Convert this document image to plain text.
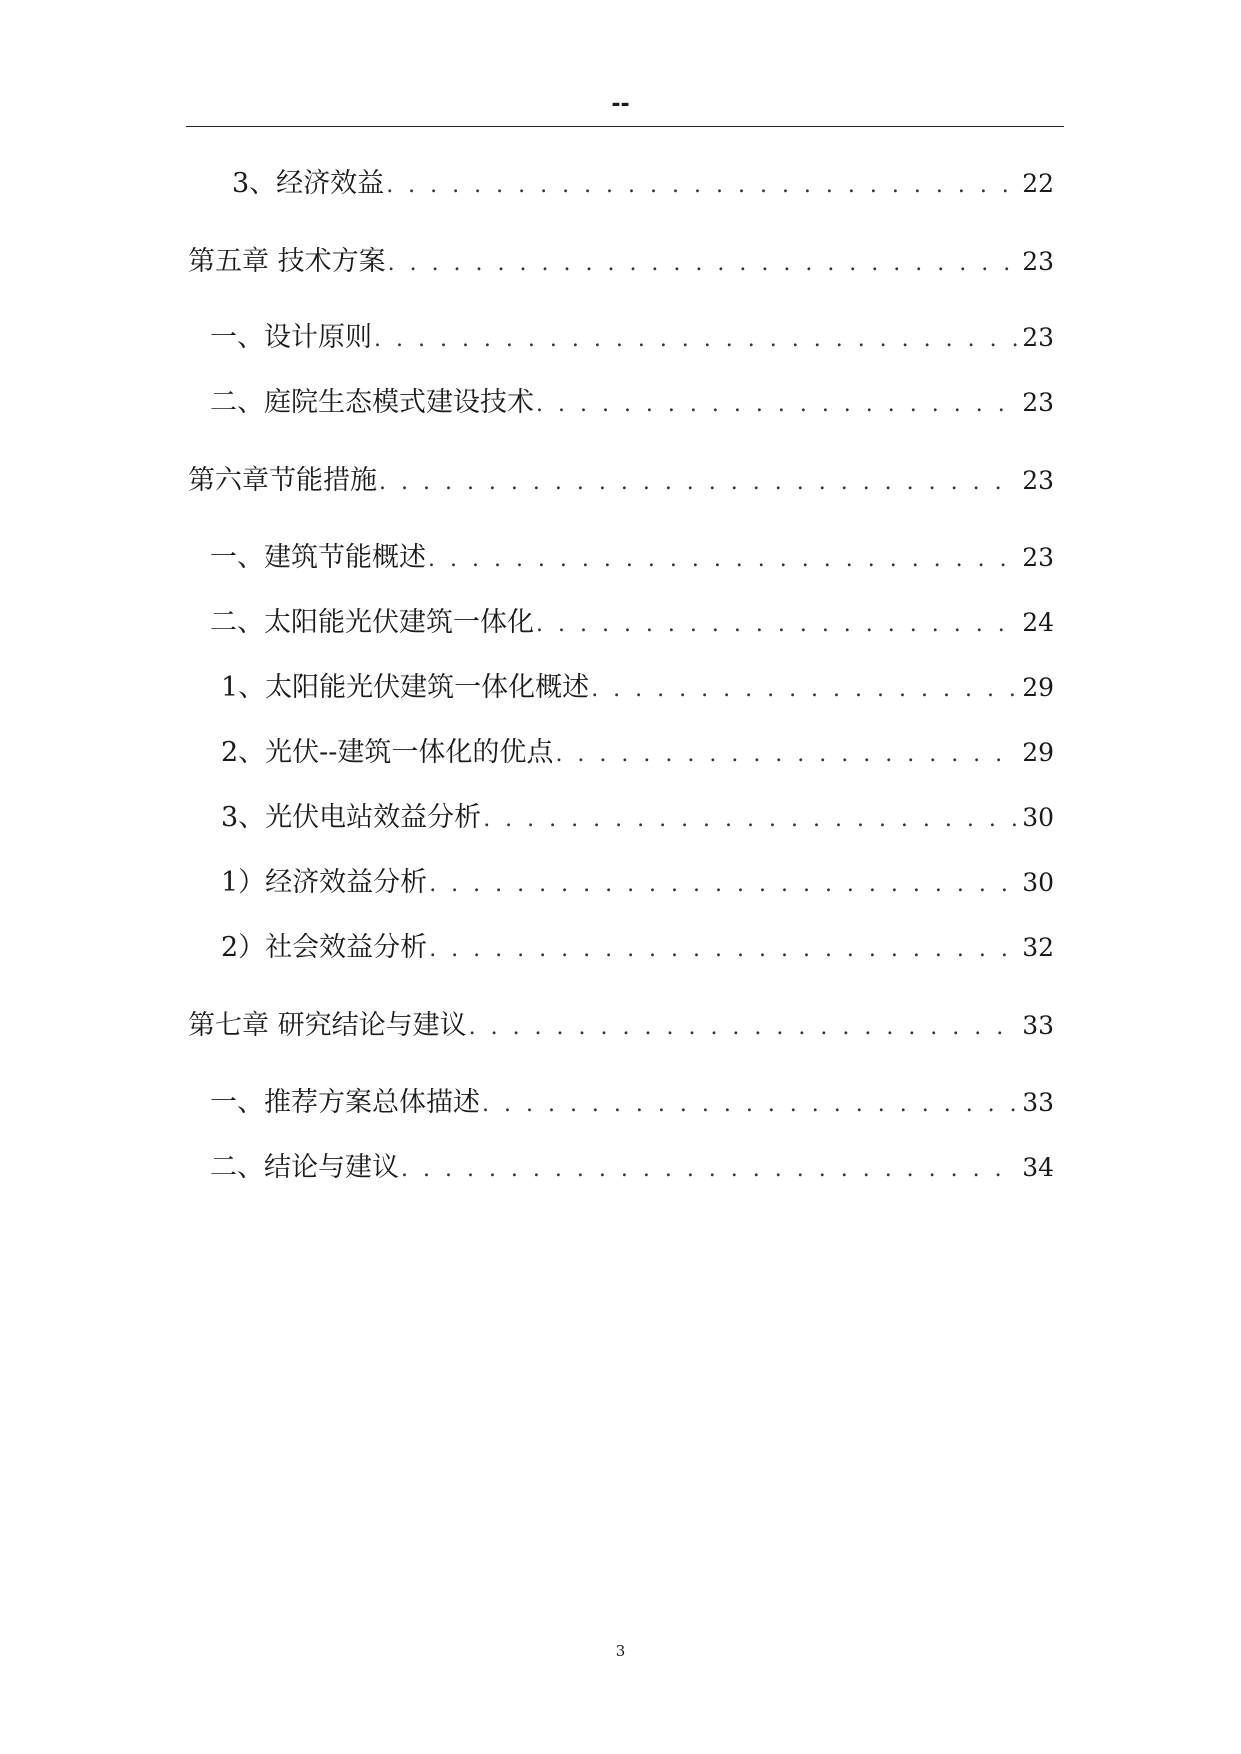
--
3、经济效益 . . .	22
第五章 技术方案 . . .	23
一、设计原则 . . .	23
二、庭院生态模式建设技术 . . .	23
第六章节能措施 . . .	23
一、建筑节能概述 . . .	23
二、太阳能光伏建筑一体化 . . .	24
1、太阳能光伏建筑一体化概述 . . .	29
2、光伏--建筑一体化的优点 . . .	29
3、光伏电站效益分析 . . .	30
1）经济效益分析 . . .	30
2）社会效益分析 . . .	32
第七章 研究结论与建议 . . .	33
一、推荐方案总体描述 . . .	33
二、结论与建议 . . .	34
3
